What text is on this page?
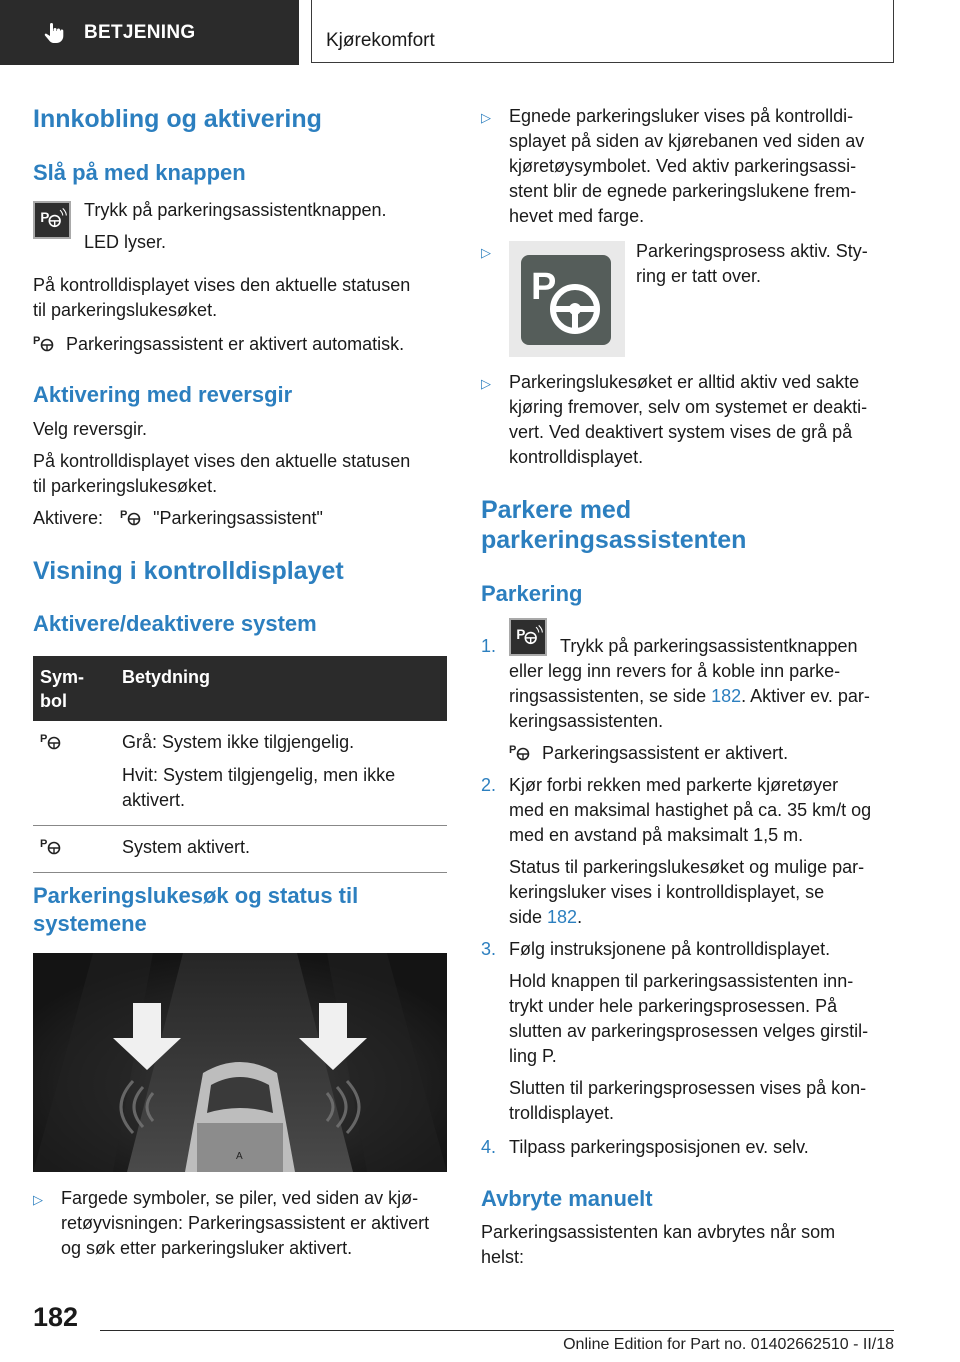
BETJENING	Kjørekomfort
Innkobling og aktivering
Slå på med knappen
P Trykk på parkeringsassistentknappen.
LED lyser.
På kontrolldisplayet vises den aktuelle statusen
til parkeringslukesøket.
P Parkeringsassistent er aktivert automatisk.
Aktivering med reversgir
Velg reversgir.
På kontrolldisplayet vises den aktuelle statusen
til parkeringslukesøket.
Aktivere: P "Parkeringsassistent"
Visning i kontrolldisplayet
Aktivere/deaktivere system
Sym-
bol	Betydning

P	Grå: System ikke tilgjengelig.

Hvit: System tilgjengelig, men ikke
aktivert.

P	System aktivert.
Parkeringslukesøk og status til
systemene
A
▷ Fargede symboler, se piler, ved siden av kjø-
retøyvisningen: Parkeringsassistent er aktivert
og søk etter parkeringsluker aktivert.
▷ Egnede parkeringsluker vises på kontrolldi-
splayet på siden av kjørebanen ved siden av
kjøretøysymbolet. Ved aktiv parkeringsassi-
stent blir de egnede parkeringslukene frem-
hevet med farge.
▷
P
Parkeringsprosess aktiv. Sty-
ring er tatt over.
▷ Parkeringslukesøket er alltid aktiv ved sakte
kjøring fremover, selv om systemet er deakti-
vert. Ved deaktivert system vises de grå på
kontrolldisplayet.
Parkere med
parkeringsassistenten
Parkering
1.
P
Trykk på parkeringsassistentknappen
eller legg inn revers for å koble inn parke-
ringsassistenten, se side 182. Aktiver ev. par-
keringsassistenten.
P Parkeringsassistent er aktivert.
2. Kjør forbi rekken med parkerte kjøretøyer
med en maksimal hastighet på ca. 35 km/t og
med en avstand på maksimalt 1,5 m.
Status til parkeringslukesøket og mulige par-
keringsluker vises i kontrolldisplayet, se
side 182.
3. Følg instruksjonene på kontrolldisplayet.
Hold knappen til parkeringsassistenten inn-
trykt under hele parkeringsprosessen. På
slutten av parkeringsprosessen velges girstil-
ling P.
Slutten til parkeringsprosessen vises på kon-
trolldisplayet.
4. Tilpass parkeringsposisjonen ev. selv.
Avbryte manuelt
Parkeringsassistenten kan avbrytes når som
helst:
182
Online Edition for Part no. 01402662510 - II/18
